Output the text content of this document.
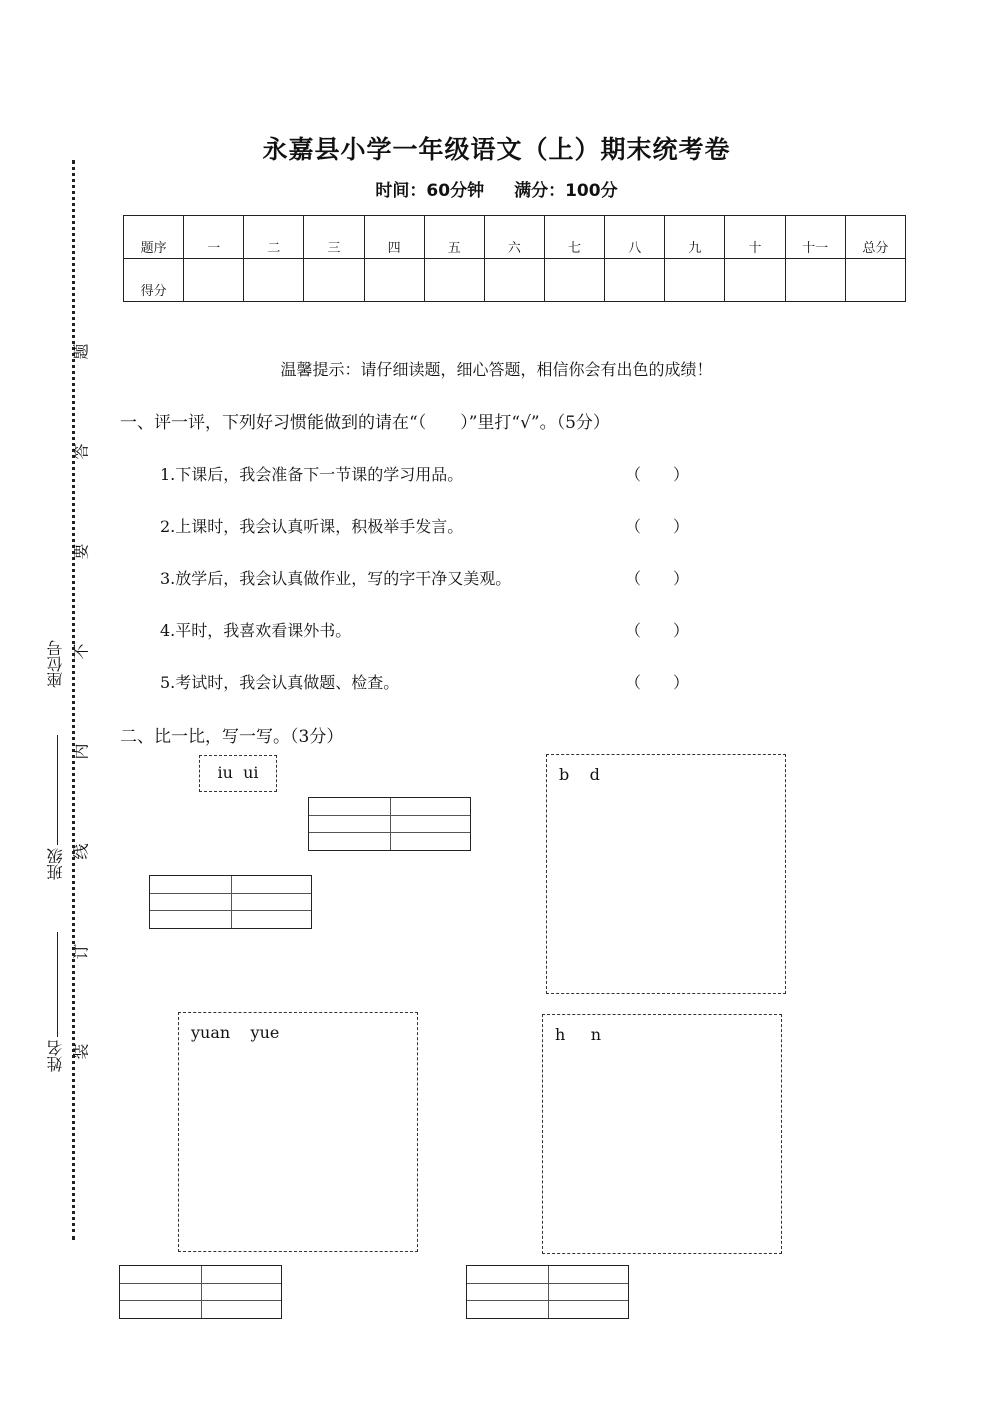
座位号
班级
姓名
题
答
要
不
内
线
订
装
永嘉县小学一年级语文（上）期末统考卷
时间：60分钟 满分：100分
题序	一	二	三	四	五	六	七	八	九	十	十一	总分
得分												
温馨提示：请仔细读题，细心答题，相信你会有出色的成绩！
一、评一评，下列好习惯能做到的请在“（　　）”里打“√”。（5分）
1.下课后，我会准备下一节课的学习用品。	（　　）
2.上课时，我会认真听课，积极举手发言。	（　　）
3.放学后，我会认真做作业，写的字干净又美观。	（　　）
4.平时，我喜欢看课外书。	（　　）
5.考试时，我会认真做题、检查。	（　　）
二、比一比，写一写。（3分）
iu  ui	b    d
yuan    yue	h     n
